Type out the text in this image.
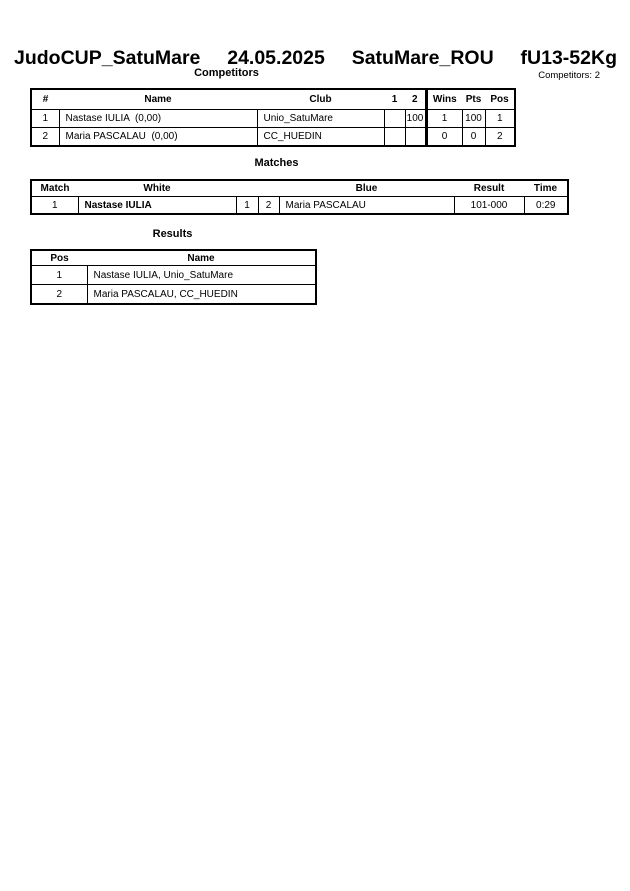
JudoCUP_SatuMare 24.05.2025 SatuMare_ROU fU13-52Kg
Competitors	Competitors: 2
#	Name	Club	1	2	Wins	Pts	Pos
1	Nastase IULIA  (0,00)	Unio_SatuMare		100	1	100	1
2	Maria PASCALAU  (0,00)	CC_HUEDIN			0	0	2
Matches
Match	White			Blue	Result	Time
1	Nastase IULIA	1	2	Maria PASCALAU	101-000	0:29
Results
Pos	Name
1	Nastase IULIA, Unio_SatuMare
2	Maria PASCALAU, CC_HUEDIN
